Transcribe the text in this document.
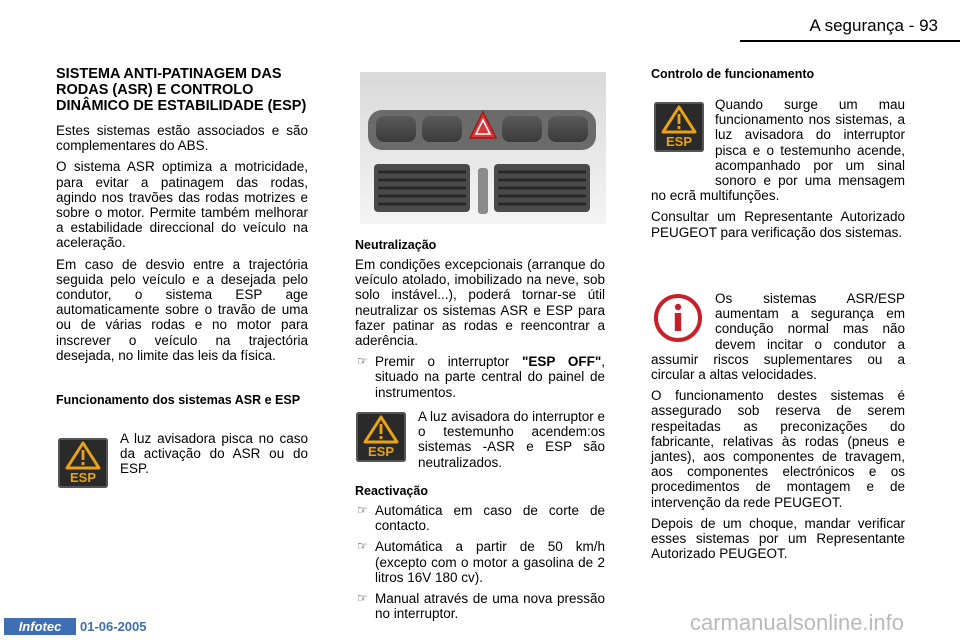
A segurança - 93
SISTEMA ANTI-PATINAGEM DAS RODAS (ASR) E CONTROLO DINÂMICO DE ESTABILIDADE (ESP)

Estes sistemas estão associados e são complementares do ABS.

O sistema ASR optimiza a motricidade, para evitar a patinagem das rodas, agindo nos travões das rodas motrizes e sobre o motor. Permite também melhorar a estabilidade direccional do veículo na aceleração.

Em caso de desvio entre a trajectória seguida pelo veículo e a desejada pelo condutor, o sistema ESP age automaticamente sobre o travão de uma ou de várias rodas e no motor para inscrever o veículo na trajectória desejada, no limite das leis da física.

Funcionamento dos sistemas ASR e ESP
ESP

A luz avisadora pisca no caso da activação do ASR ou do ESP.

Neutralização

Em condições excepcionais (arranque do veículo atolado, imobilizado na neve, sob solo instável...), poderá tornar-se útil neutralizar os sistemas ASR e ESP para fazer patinar as rodas e reencontrar a aderência.

☞ Premir o interruptor "ESP OFF", situado na parte central do painel de instrumentos.
ESP

A luz avisadora do interruptor e o testemunho acendem:os sistemas -ASR e ESP são neutralizados.

Reactivação
☞ Automática em caso de corte de contacto.
☞ Automática a partir de 50 km/h (excepto com o motor a gasolina de 2 litros 16V 180 cv).
☞ Manual através de uma nova pressão no interruptor.
Controlo de funcionamento
ESP

Quando surge um mau funcionamento nos sistemas, a luz avisadora do interruptor pisca e o testemunho acende, acompanhado por um sinal sonoro e por uma mensagem no ecrã multifunções.

Consultar um Representante Autorizado PEUGEOT para verificação dos sistemas.

Os sistemas ASR/ESP aumentam a segurança em condução normal mas não devem incitar o condutor a assumir riscos suplementares ou a circular a altas velocidades.

O funcionamento destes sistemas é assegurado sob reserva de serem respeitadas as preconizações do fabricante, relativas às rodas (pneus e jantes), aos componentes de travagem, aos componentes electrónicos e os procedimentos de montagem e de intervenção da rede PEUGEOT.

Depois de um choque, mandar verificar esses sistemas por um Representante Autorizado PEUGEOT.

Infotec	01-06-2005	carmanualsonline.info
